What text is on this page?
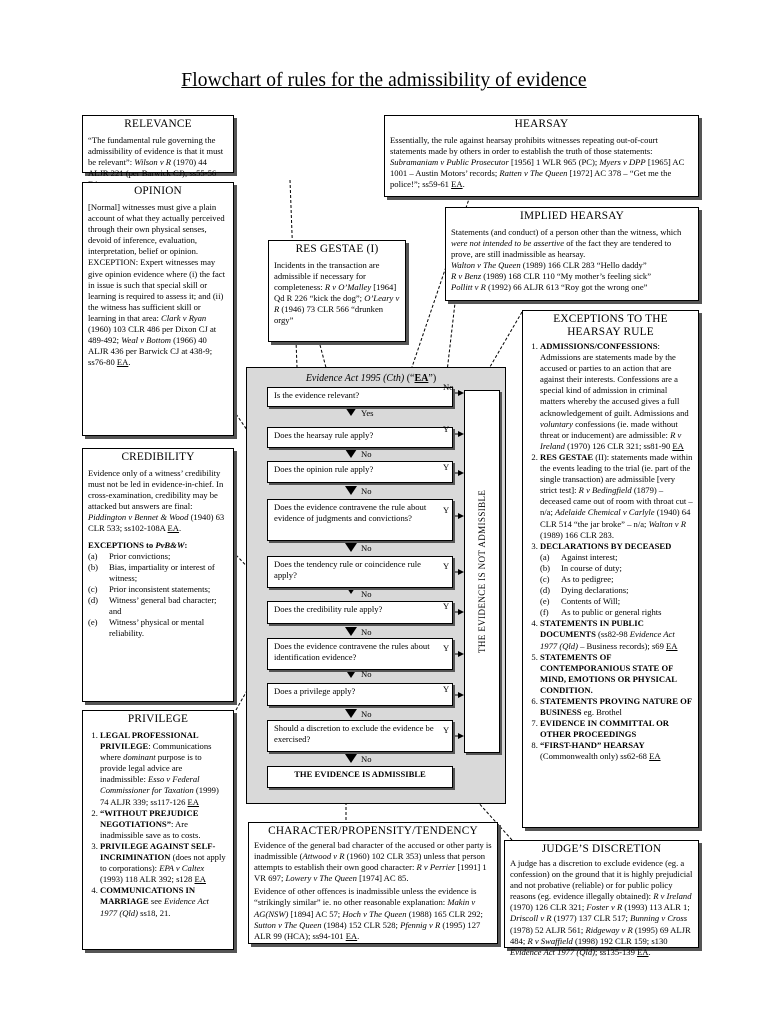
Flowchart of rules for the admissibility of evidence
RELEVANCE

“The fundamental rule governing the admissibility of evidence is that it must be relevant”: Wilson v R (1970) 44 ALJR 221 (per Barwick CJ); ss55-56

HEARSAY

Essentially, the rule against hearsay prohibits witnesses repeating out-of-court statements made by others in order to establish the truth of those statements: Subramaniam v Public Prosecutor [1956] 1 WLR 965 (PC); Myers v DPP [1965] AC 1001 – Austin Motors’ records; Ratten v The Queen [1972] AC 378 – “Get me the police!”; ss59-61 EA.

OPINION

[Normal] witnesses must give a plain account of what they actually perceived through their own physical senses, devoid of inference, evaluation, interpretation, belief or opinion.

EXCEPTION: Expert witnesses may give opinion evidence where (i) the fact in issue is such that special skill or learning is required to assess it; and (ii) the witness has sufficient skill or learning in that area: Clark v Ryan (1960) 103 CLR 486 per Dixon CJ at 489-492; Weal v Bottom (1966) 40 ALJR 436 per Barwick CJ at 438-9; ss76-80 EA.

IMPLIED HEARSAY

Statements (and conduct) of a person other than the witness, which were not intended to be assertive of the fact they are tendered to prove, are still inadmissible as hearsay.

Walton v The Queen (1989) 166 CLR 283 “Hello daddy”

R v Benz (1989) 168 CLR 110 “My mother’s feeling sick”

Pollitt v R (1992) 66 ALJR 613 “Roy got the wrong one”

RES GESTAE (I)

Incidents in the transaction are admissible if necessary for completeness: R v O’Malley [1964] Qd R 226 “kick the dog”; O’Leary v R (1946) 73 CLR 566 “drunken orgy”	EXCEPTIONS TO THE
HEARSAY RULE
1. ADMISSIONS/CONFESSIONS: Admissions are statements made by the accused or parties to an action that are against their interests. Confessions are a special kind of admission in criminal matters whereby the accused gives a full acknowledgement of guilt. Admissions and voluntary confessions (ie. made without threat or inducement) are admissible: R v Ireland (1970) 126 CLR 321; ss81-90 EA
2. RES GESTAE (II): statements made within the events leading to the trial (ie. part of the single transaction) are admissible [very strict test]: R v Bedingfield (1879) – deceased came out of room with throat cut – n/a; Adelaide Chemical v Carlyle (1940) 64 CLR 514 “the jar broke” – n/a; Walton v R (1989) 166 CLR 283.
3. DECLARATIONS BY DECEASED
(a)	Against interest;
(b)	In course of duty;
(c)	As to pedigree;
(d)	Dying declarations;
(e)	Contents of Will;
(f)	As to public or general rights
4. STATEMENTS IN PUBLIC DOCUMENTS (ss82-98 Evidence Act 1977 (Qld) – Business records); s69 EA
5. STATEMENTS OF CONTEMPORANIOUS STATE OF MIND, EMOTIONS OR PHYSICAL CONDITION.
6. STATEMENTS PROVING NATURE OF BUSINESS eg. Brothel
7. EVIDENCE IN COMMITTAL OR OTHER PROCEEDINGS
8. “FIRST-HAND” HEARSAY
(Commonwealth only) ss62-68 EA
CREDIBILITY

Evidence only of a witness’ credibility must not be led in evidence-in-chief. In cross-examination, credibility may be attacked but answers are final: Piddington v Bennet & Wood (1940) 63 CLR 533; ss102-108A EA.

EXCEPTIONS to PvB&W:

(a)	Prior convictions;
(b)	Bias, impartiality or interest of witness;
(c)	Prior inconsistent statements;
(d)	Witness’ general bad character; and
(e)	Witness’ physical or mental reliability.
PRIVILEGE
1. LEGAL PROFESSIONAL PRIVILEGE: Communications where dominant purpose is to provide legal advice are inadmissible: Esso v Federal Commissioner for Taxation (1999) 74 ALJR 339; ss117-126 EA
2. “WITHOUT PREJUDICE NEGOTIATIONS”: Are inadmissible save as to costs.
3. PRIVILEGE AGAINST SELF-INCRIMINATION (does not apply to corporations): EPA v Caltex (1993) 118 ALR 392; s128 EA
4. COMMUNICATIONS IN MARRIAGE see Evidence Act 1977 (Qld) ss18, 21.
CHARACTER/PROPENSITY/TENDENCY

Evidence of the general bad character of the accused or other party is inadmissible (Attwood v R (1960) 102 CLR 353) unless that person attempts to establish their own good character: R v Perrier [1991] 1 VR 697; Lowery v The Queen [1974] AC 85.

Evidence of other offences is inadmissible unless the evidence is “strikingly similar” ie. no other reasonable explanation: Makin v AG(NSW) [1894] AC 57; Hoch v The Queen (1988) 165 CLR 292; Sutton v The Queen (1984) 152 CLR 528; Pfennig v R (1995) 127 ALR 99 (HCA); ss94-101 EA.

JUDGE’S DISCRETION

A judge has a discretion to exclude evidence (eg. a confession) on the ground that it is highly prejudicial and not probative (reliable) or for public policy reasons (eg. evidence illegally obtained): R v Ireland (1970) 126 CLR 321; Foster v R (1993) 113 ALR 1; Driscoll v R (1977) 137 CLR 517; Bunning v Cross (1978) 52 ALJR 561; Ridgeway v R (1995) 69 ALJR 484; R v Swaffield (1998) 192 CLR 159; s130 Evidence Act 1977 (Qld); ss135-139 EA.

Evidence Act 1995 (Cth) (“EA”)
Is the evidence relevant?
Yes
No
Does the hearsay rule apply?
Y
No
Does the opinion rule apply?	Y
No
Does the evidence contravene the rule about evidence of judgments and convictions?
Y
No
Does the tendency rule or coincidence rule apply?
Y
No
Does the credibility rule apply?	Y
No
Does the evidence contravene the rules about identification evidence?
Y
No
Does a privilege apply?	Y
No
Should a discretion to exclude the evidence be exercised?
Y
No
THE EVIDENCE IS ADMISSIBLE
THE EVIDENCE IS NOT ADMISSIBLE
